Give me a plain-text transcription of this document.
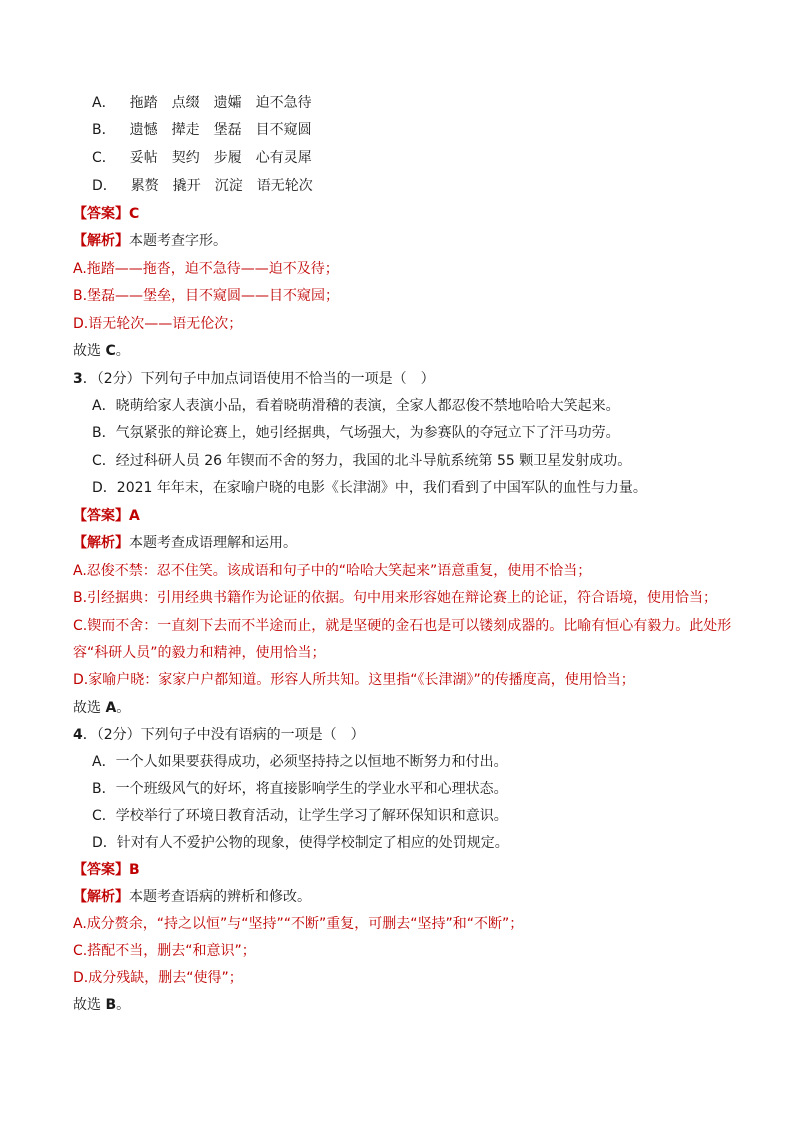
A． 拖踏　点缀　遗孀　迫不急待
B． 遗憾　撵走　堡磊　目不窥圆
C． 妥帖　契约　步履　心有灵犀
D． 累赘　撬开　沉淀　语无轮次
【答案】C
【解析】本题考查字形。
A.拖踏——拖沓，迫不急待——迫不及待；
B.堡磊——堡垒，目不窥圆——目不窥园；
D.语无轮次——语无伦次；
故选 C。
3．（2分）下列句子中加点词语使用不恰当的一项是（　）
A．晓萌给家人表演小品，看着晓萌滑稽的表演，全家人都忍俊不禁地哈哈大笑起来。
B．气氛紧张的辩论赛上，她引经据典，气场强大，为参赛队的夺冠立下了汗马功劳。
C．经过科研人员 26 年锲而不舍的努力，我国的北斗导航系统第 55 颗卫星发射成功。
D．2021 年年末，在家喻户晓的电影《长津湖》中，我们看到了中国军队的血性与力量。
【答案】A
【解析】本题考查成语理解和运用。
A.忍俊不禁：忍不住笑。该成语和句子中的“哈哈大笑起来”语意重复，使用不恰当；
B.引经据典：引用经典书籍作为论证的依据。句中用来形容她在辩论赛上的论证，符合语境，使用恰当；
C.锲而不舍：一直刻下去而不半途而止，就是坚硬的金石也是可以镂刻成器的。比喻有恒心有毅力。此处形
容“科研人员”的毅力和精神，使用恰当；
D.家喻户晓：家家户户都知道。形容人所共知。这里指“《长津湖》”的传播度高，使用恰当；
故选 A。
4．（2分）下列句子中没有语病的一项是（　）
A．一个人如果要获得成功，必须坚持持之以恒地不断努力和付出。
B．一个班级风气的好坏，将直接影响学生的学业水平和心理状态。
C．学校举行了环境日教育活动，让学生学习了解环保知识和意识。
D．针对有人不爱护公物的现象，使得学校制定了相应的处罚规定。
【答案】B
【解析】本题考查语病的辨析和修改。
A.成分赘余，“持之以恒”与“坚持”“不断”重复，可删去“坚持”和“不断”；
C.搭配不当，删去“和意识”；
D.成分残缺，删去“使得”；
故选 B。
